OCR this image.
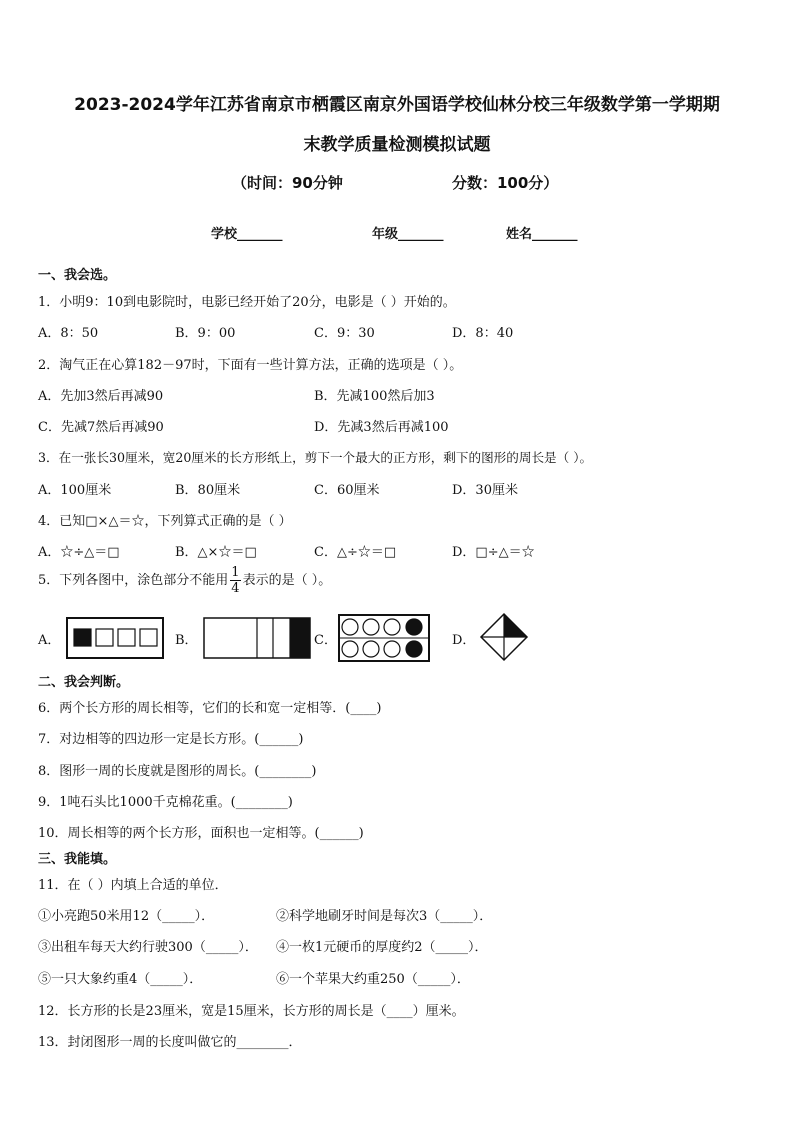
2023-2024学年江苏省南京市栖霞区南京外国语学校仙林分校三年级数学第一学期期
末教学质量检测模拟试题
（时间：90分钟	分数：100分）
学校_______	年级_______	姓名_______
一、我会选。
1．小明9：10到电影院时，电影已经开始了20分，电影是（ ）开始的。
A．8：50	B．9：00	C．9：30	D．8：40
2．淘气正在心算182－97时，下面有一些计算方法，正确的选项是（ ）。
A．先加3然后再减90	B．先减100然后加3
C．先减7然后再减90	D．先减3然后再减100
3．在一张长30厘米，宽20厘米的长方形纸上，剪下一个最大的正方形，剩下的图形的周长是（ ）。
A．100厘米	B．80厘米	C．60厘米	D．30厘米
4．已知□×△＝☆，下列算式正确的是（ ）
A．☆÷△＝□	B．△×☆＝□	C．△÷☆＝□	D．□÷△＝☆
5．下列各图中，涂色部分不能用 $\frac{1}{4}$ 表示的是（ ）。
A．	B．	C．	D．
二、我会判断。
6．两个长方形的周长相等，它们的长和宽一定相等．(____)
7．对边相等的四边形一定是长方形。(______)
8．图形一周的长度就是图形的周长。(________)
9．1吨石头比1000千克棉花重。(________)
10．周长相等的两个长方形，面积也一定相等。(______)
三、我能填。
11．在（ ）内填上合适的单位．
①小亮跑50米用12（_____）．	②科学地刷牙时间是每次3（_____）．
③出租车每天大约行驶300（_____）． ④一枚1元硬币的厚度约2（_____）．
⑤一只大象约重4（_____）．	⑥一个苹果大约重250（_____）．
12．长方形的长是23厘米，宽是15厘米，长方形的周长是（____）厘米。
13．封闭图形一周的长度叫做它的________．
